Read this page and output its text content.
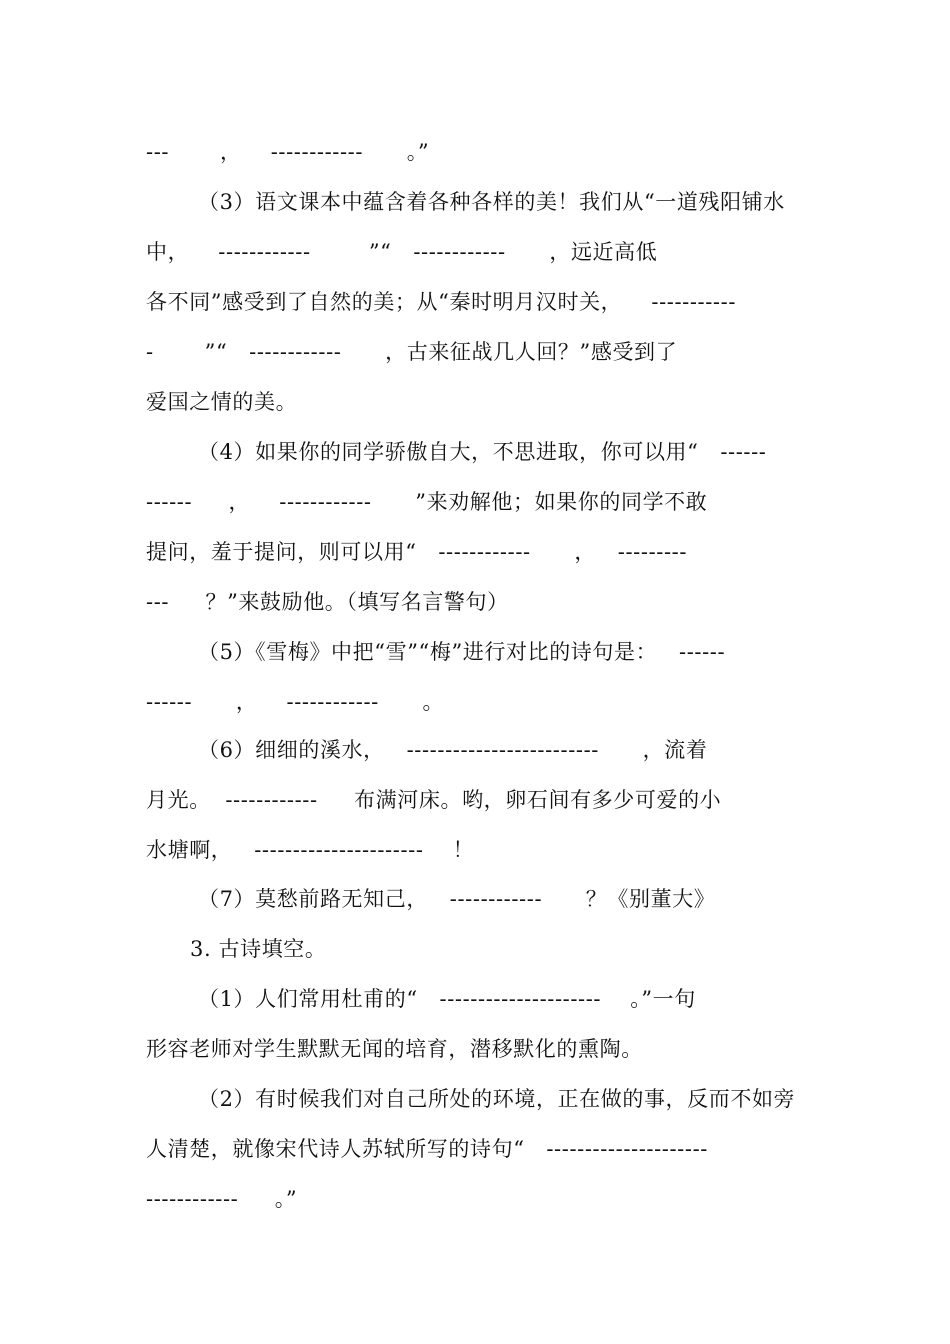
---       ，    ------------      。”
（3）语文课本中蕴含着各种各样的美！我们从“一道残阳铺水
中，    ------------        ”“   ------------      ，远近高低
各不同”感受到了自然的美；从“秦时明月汉时关，    -----------
-       ”“   ------------      ，古来征战几人回？”感受到了
爱国之情的美。
（4）如果你的同学骄傲自大，不思进取，你可以用“   ------
------     ，    ------------      ”来劝解他；如果你的同学不敢
提问，羞于提问，则可以用“   ------------      ，   ---------
---     ？”来鼓励他。（填写名言警句）
（5）《雪梅》中把“雪”“梅”进行对比的诗句是：   ------
------      ，    ------------      。
（6）细细的溪水，   -------------------------      ，流着
月光。  ------------     布满河床。哟，卵石间有多少可爱的小
水塘啊，   ----------------------    ！
（7）莫愁前路无知己，   ------------      ？《别董大》
3. 古诗填空。
（1）人们常用杜甫的“   ---------------------    。”一句
形容老师对学生默默无闻的培育，潜移默化的熏陶。
（2）有时候我们对自己所处的环境，正在做的事，反而不如旁
人清楚，就像宋代诗人苏轼所写的诗句“   ---------------------
------------     。”
